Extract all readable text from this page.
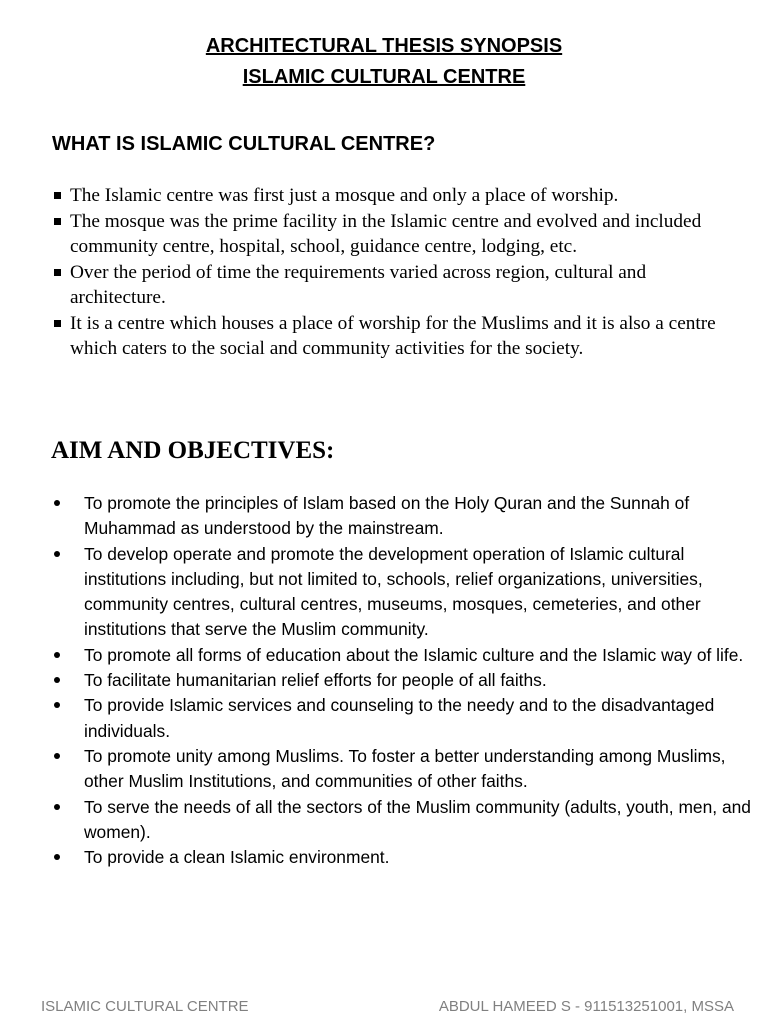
ARCHITECTURAL THESIS SYNOPSIS
ISLAMIC CULTURAL CENTRE
WHAT IS ISLAMIC CULTURAL CENTRE?
The Islamic centre was first just a mosque and only a place of worship.
The mosque was the prime facility in the Islamic centre and evolved and included community centre, hospital, school, guidance centre, lodging, etc.
Over the period of time the requirements varied across region, cultural and architecture.
It is a centre which houses a place of worship for the Muslims and it is also a centre which caters to the social and community activities for the society.
AIM AND OBJECTIVES:
To promote the principles of Islam based on the Holy Quran and the Sunnah of Muhammad as understood by the mainstream.
To develop operate and promote the development operation of Islamic cultural institutions including, but not limited to, schools, relief organizations, universities, community centres, cultural centres, museums, mosques, cemeteries, and other institutions that serve the Muslim community.
To promote all forms of education about the Islamic culture and the Islamic way of life.
To facilitate humanitarian relief efforts for people of all faiths.
To provide Islamic services and counseling to the needy and to the disadvantaged individuals.
To promote unity among Muslims. To foster a better understanding among Muslims, other Muslim Institutions, and communities of other faiths.
To serve the needs of all the sectors of the Muslim community (adults, youth, men, and women).
To provide a clean Islamic environment.
ISLAMIC CULTURAL CENTRE	ABDUL HAMEED S - 911513251001, MSSA
